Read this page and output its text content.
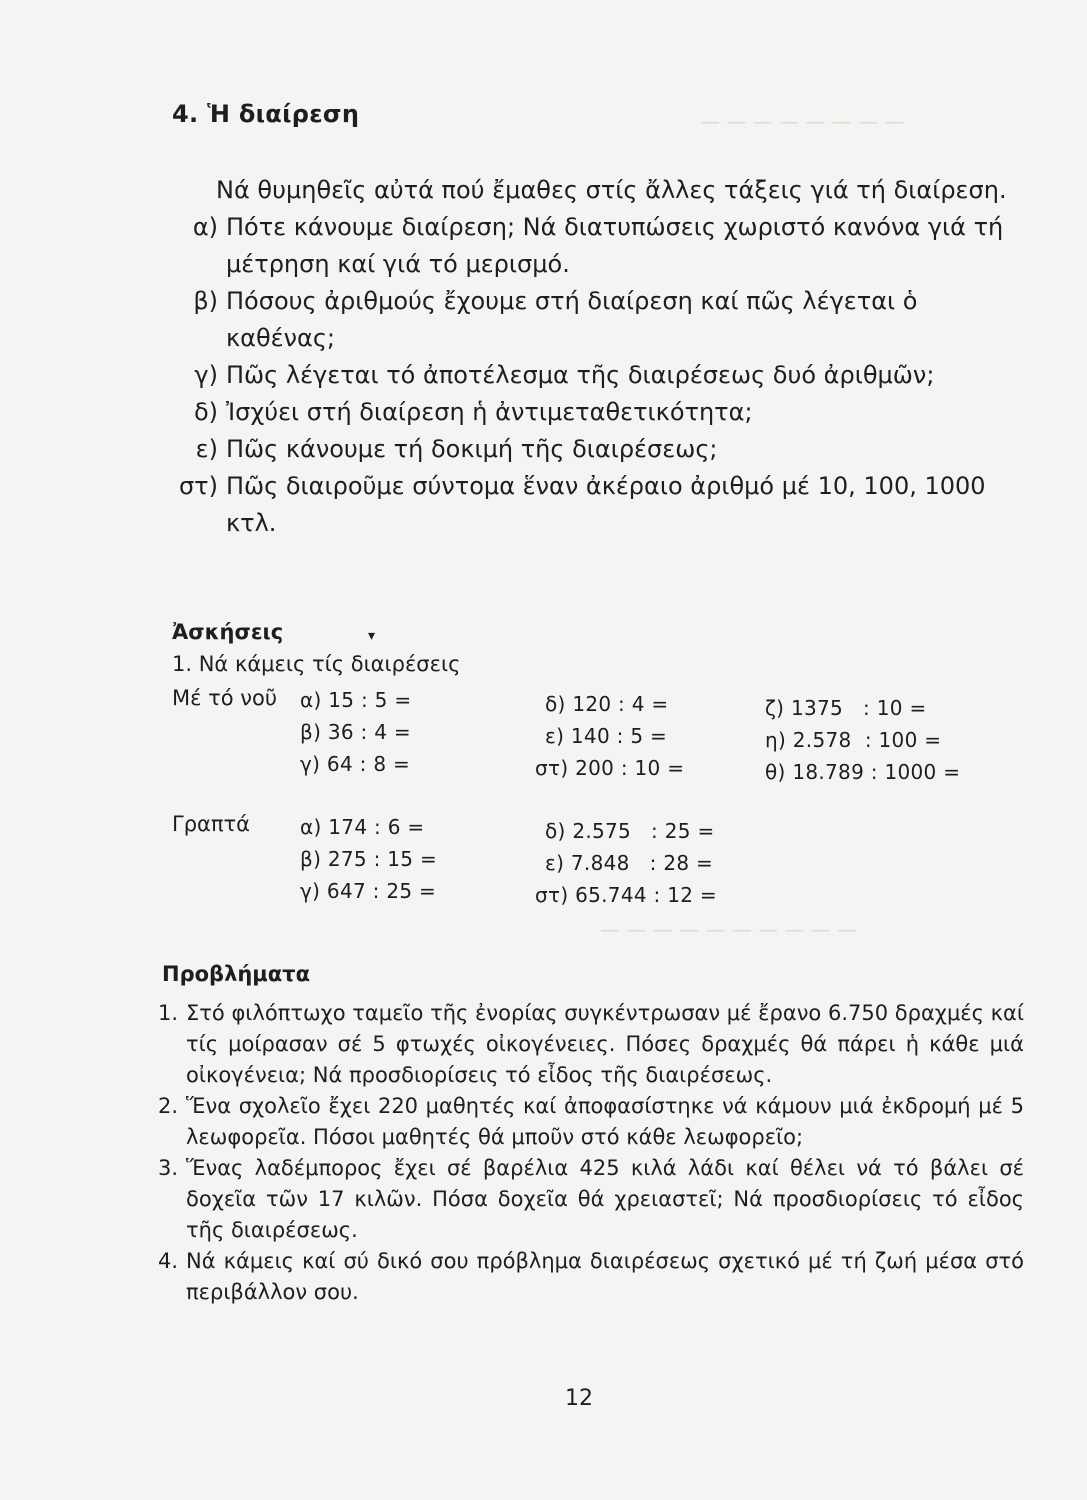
— — — — — — — —
— — — — — — — — — —
4. Ἡ διαίρεση

Νά θυμηθεῖς αὐτά πού ἔμαθες στίς ἄλλες τάξεις γιά τή διαίρεση.

α) Πότε κάνουμε διαίρεση; Νά διατυπώσεις χωριστό κανόνα γιά τή μέτρηση καί γιά τό μερισμό.
β) Πόσους ἀριθμούς ἔχουμε στή διαίρεση καί πῶς λέγεται ὁ καθένας;
γ) Πῶς λέγεται τό ἀποτέλεσμα τῆς διαιρέσεως δυό ἀριθμῶν;
δ) Ἰσχύει στή διαίρεση ἡ ἀντιμεταθετικότητα;
ε) Πῶς κάνουμε τή δοκιμή τῆς διαιρέσεως;
στ) Πῶς διαιροῦμε σύντομα ἕναν ἀκέραιο ἀριθμό μέ 10, 100, 1000 κτλ.
Ἀσκήσεις	▾
1. Νά κάμεις τίς διαιρέσεις
Μέ τό νοῦ α) 15 : 5 =
β) 36 : 4 =
γ) 64 : 8 =
δ) 120 : 4 =
ε) 140 : 5 =
στ) 200 : 10 =
ζ) 1375   : 10 =
η) 2.578  : 100 =
θ) 18.789 : 1000 =
Γραπτά α) 174 : 6 =
β) 275 : 15 =
γ) 647 : 25 =
δ) 2.575   : 25 =
ε) 7.848   : 28 =
στ) 65.744 : 12 =
Προβλήματα
1. Στό φιλόπτωχο ταμεῖο τῆς ἐνορίας συγκέντρωσαν μέ ἔρανο 6.750 δραχμές καί τίς μοίρασαν σέ 5 φτωχές οἰκογένειες. Πόσες δραχμές θά πάρει ἡ κάθε μιά οἰκογένεια; Νά προσδιορίσεις τό εἶδος τῆς διαιρέσεως.
2. Ἕνα σχολεῖο ἔχει 220 μαθητές καί ἀποφασίστηκε νά κάμουν μιά ἐκδρομή μέ 5 λεωφορεῖα. Πόσοι μαθητές θά μποῦν στό κάθε λεωφορεῖο;
3. Ἕνας λαδέμπορος ἔχει σέ βαρέλια 425 κιλά λάδι καί θέλει νά τό βάλει σέ δοχεῖα τῶν 17 κιλῶν. Πόσα δοχεῖα θά χρειαστεῖ; Νά προσδιορίσεις τό εἶδος τῆς διαιρέσεως.
4. Νά κάμεις καί σύ δικό σου πρόβλημα διαιρέσεως σχετικό μέ τή ζωή μέσα στό περιβάλλον σου.
12
